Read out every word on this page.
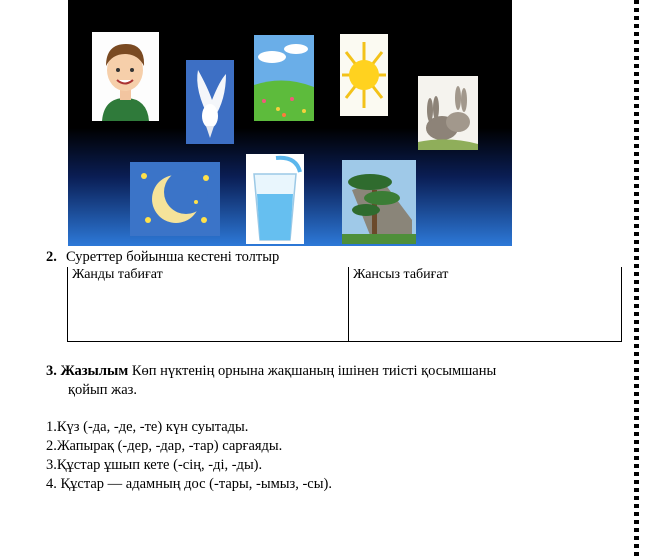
2. Суреттер бойынша кестені толтыр
Жанды табиғат	Жансыз табиғат

3. Жазылым Көп нүктенің орнына жақшаның ішінен тиісті қосымшаны
қойып жаз.
1.Күз (-да, -де, -те) күн суытады.
2.Жапырақ (-дер, -дар, -тар) сарғаяды.
3.Құстар ұшып кете (-сің, -ді, -ды).
4. Құстар — адамның дос (-тары, -ымыз, -сы).
